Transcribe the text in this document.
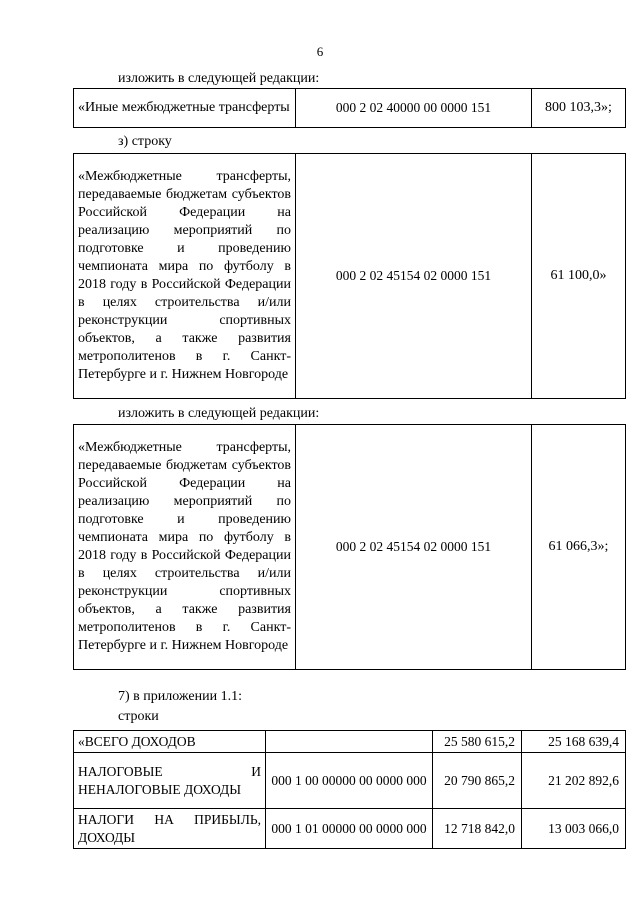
6
изложить в следующей редакции:
«Иные межбюджетные трансферты	000 2 02 40000 00 0000 151	800 103,3»;
з) строку
«Межбюджетные трансферты, передаваемые бюджетам субъектов Российской Федерации на реализацию мероприятий по подготовке и проведению чемпионата мира по футболу в 2018 году в Российской Федерации в целях строительства и/или реконструкции спортивных объектов, а также развития метрополитенов в г. Санкт-Петербурге и г. Нижнем Новгороде	000 2 02 45154 02 0000 151	61 100,0»
изложить в следующей редакции:
«Межбюджетные трансферты, передаваемые бюджетам субъектов Российской Федерации на реализацию мероприятий по подготовке и проведению чемпионата мира по футболу в 2018 году в Российской Федерации в целях строительства и/или реконструкции спортивных объектов, а также развития метрополитенов в г. Санкт-Петербурге и г. Нижнем Новгороде	000 2 02 45154 02 0000 151	61 066,3»;
7) в приложении 1.1:
строки
«ВСЕГО ДОХОДОВ		25 580 615,2	25 168 639,4
НАЛОГОВЫЕ И НЕНАЛОГОВЫЕ ДОХОДЫ	000 1 00 00000 00 0000 000	20 790 865,2	21 202 892,6
НАЛОГИ НА ПРИБЫЛЬ, ДОХОДЫ	000 1 01 00000 00 0000 000	12 718 842,0	13 003 066,0
